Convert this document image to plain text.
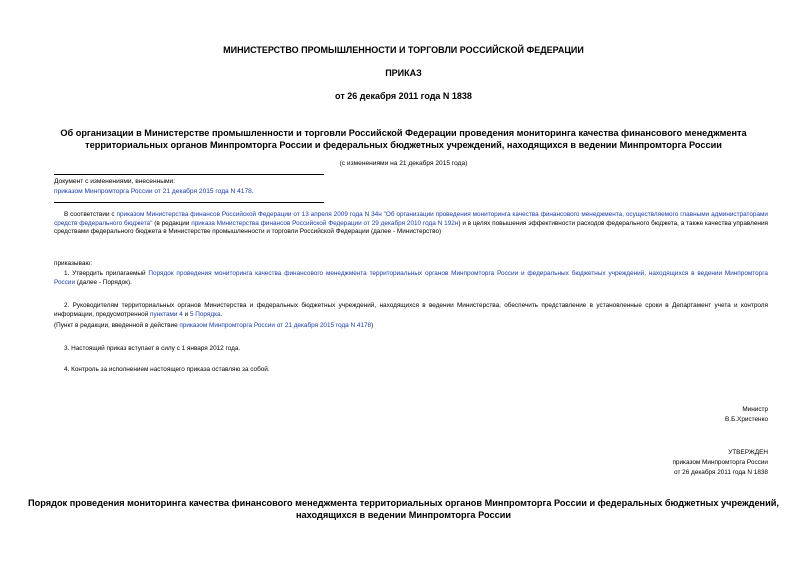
МИНИСТЕРСТВО ПРОМЫШЛЕННОСТИ И ТОРГОВЛИ РОССИЙСКОЙ ФЕДЕРАЦИИ
ПРИКАЗ
от 26 декабря 2011 года N 1838
Об организации в Министерстве промышленности и торговли Российской Федерации проведения мониторинга качества финансового менеджмента
территориальных органов Минпромторга России и федеральных бюджетных учреждений, находящихся в ведении Минпромторга России
(с изменениями на 21 декабря 2015 года)
Документ с изменениями, внесенными:
приказом Минпромторга России от 21 декабря 2015 года N 4178.
В соответствии с приказом Министерства финансов Российской Федерации от 13 апреля 2009 года N 34н "Об организации проведения мониторинга качества финансового менеджмента, осуществляемого главными администраторами средств федерального бюджета" (в редакции приказа Министерства финансов Российской Федерации от 29 декабря 2010 года N 192н) и в целях повышения эффективности расходов федерального бюджета, а также качества управления средствами федерального бюджета в Министерстве промышленности и торговли Российской Федерации (далее - Министерство)
приказываю:
1. Утвердить прилагаемый Порядок проведения мониторинга качества финансового менеджмента территориальных органов Минпромторга России и федеральных бюджетных учреждений, находящихся в ведении Минпромторга России (далее - Порядок).
2. Руководителям территориальных органов Министерства и федеральных бюджетных учреждений, находящихся в ведении Министерства, обеспечить представление в установленные сроки в Департамент учета и контроля информации, предусмотренной пунктами 4 и 5 Порядка.
(Пункт в редакции, введенной в действие приказом Минпромторга России от 21 декабря 2015 года N 4178)
3. Настоящий приказ вступает в силу с 1 января 2012 года.
4. Контроль за исполнением настоящего приказа оставляю за собой.
Министр
В.Б.Христенко
УТВЕРЖДЕН
приказом Минпромторга России
от 26 декабря 2011 года N 1838
Порядок проведения мониторинга качества финансового менеджмента территориальных органов Минпромторга России и федеральных бюджетных учреждений,
находящихся в ведении Минпромторга России
